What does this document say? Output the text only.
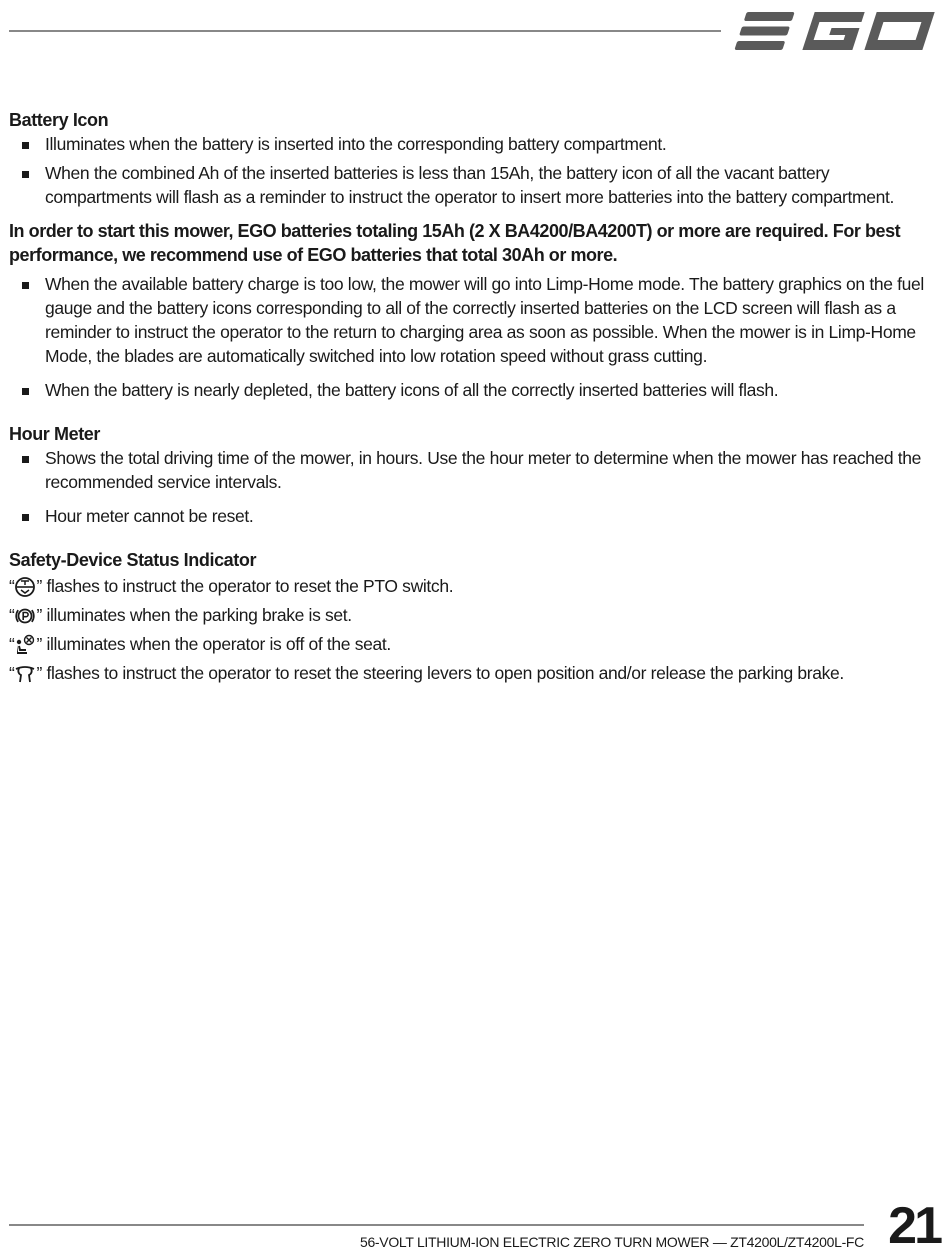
Battery Icon
Illuminates when the battery is inserted into the corresponding battery compartment.
When the combined Ah of the inserted batteries is less than 15Ah, the battery icon of all the vacant battery compartments will flash as a reminder to instruct the operator to insert more batteries into the battery compartment.

In order to start this mower, EGO batteries totaling 15Ah (2 X BA4200/BA4200T) or more are required. For best performance, we recommend use of EGO batteries that total 30Ah or more.

When the available battery charge is too low, the mower will go into Limp-Home mode. The battery graphics on the fuel gauge and the battery icons corresponding to all of the correctly inserted batteries on the LCD screen will flash as a reminder to instruct the operator to the return to charging area as soon as possible. When the mower is in Limp-Home Mode, the blades are automatically switched into low rotation speed without grass cutting.
When the battery is nearly depleted, the battery icons of all the correctly inserted batteries will flash.
Hour Meter
Shows the total driving time of the mower, in hours. Use the hour meter to determine when the mower has reached the recommended service intervals.
Hour meter cannot be reset.
Safety-Device Status Indicator

“ ” flashes to instruct the operator to reset the PTO switch.

“ ” illuminates when the parking brake is set.

“ ” illuminates when the operator is off of the seat.

“ ” flashes to instruct the operator to reset the steering levers to open position and/or release the parking brake.

56-VOLT LITHIUM-ION ELECTRIC ZERO TURN MOWER — ZT4200L/ZT4200L-FC 21
